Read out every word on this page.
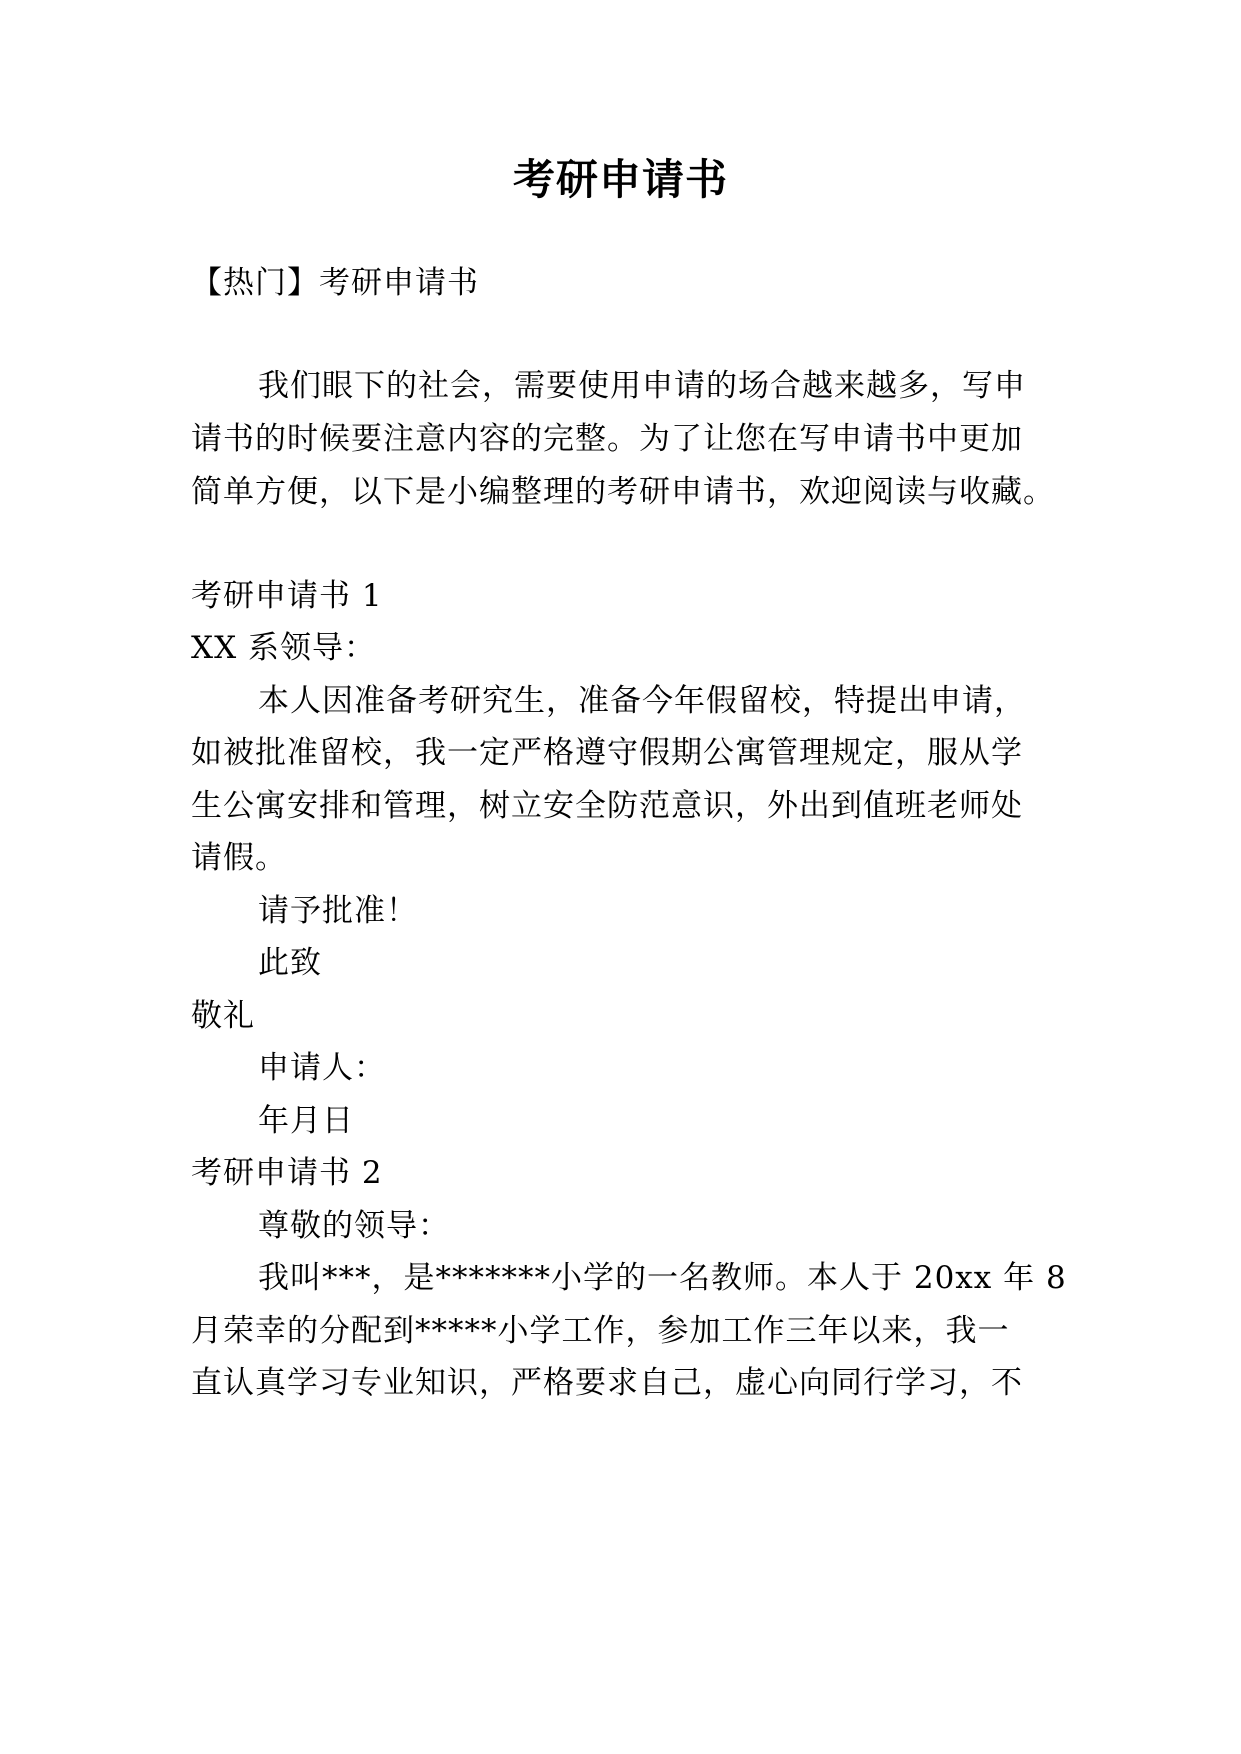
考研申请书
【热门】考研申请书
我们眼下的社会，需要使用申请的场合越来越多，写申
请书的时候要注意内容的完整。为了让您在写申请书中更加
简单方便，以下是小编整理的考研申请书，欢迎阅读与收藏。
考研申请书 1
XX 系领导：
本人因准备考研究生，准备今年假留校，特提出申请，
如被批准留校，我一定严格遵守假期公寓管理规定，服从学
生公寓安排和管理，树立安全防范意识，外出到值班老师处
请假。
请予批准！
此致
敬礼
申请人：
年月日
考研申请书 2
尊敬的领导：
我叫***，是*******小学的一名教师。本人于 20xx 年 8
月荣幸的分配到*****小学工作，参加工作三年以来，我一
直认真学习专业知识，严格要求自己，虚心向同行学习，不
